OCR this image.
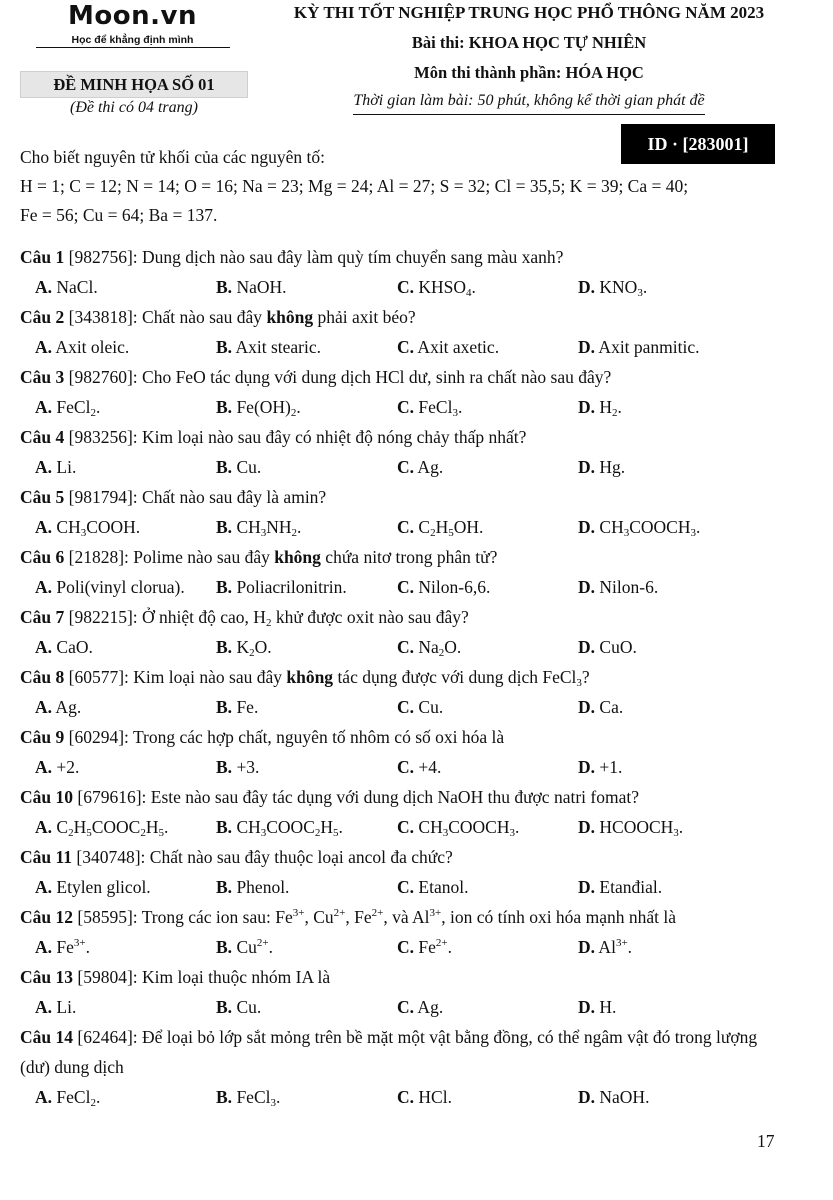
Moon.vn
Học để khẳng định mình
KỲ THI TỐT NGHIỆP TRUNG HỌC PHỔ THÔNG NĂM 2023
Bài thi: KHOA HỌC TỰ NHIÊN
Môn thi thành phần: HÓA HỌC
Thời gian làm bài: 50 phút, không kể thời gian phát đề
ĐỀ MINH HỌA SỐ 01
(Đề thi có 04 trang)
ID · [283001]
Cho biết nguyên tử khối của các nguyên tố:
H = 1; C = 12; N = 14; O = 16; Na = 23; Mg = 24; Al = 27; S = 32; Cl = 35,5; K = 39; Ca = 40;
Fe = 56; Cu = 64; Ba = 137.
Câu 1 [982756]: Dung dịch nào sau đây làm quỳ tím chuyển sang màu xanh?
A. NaCl.	B. NaOH.	C. $KHSO_4$.	D. $KNO_3$.
Câu 2 [343818]: Chất nào sau đây không phải axit béo?
A. Axit oleic.	B. Axit stearic.	C. Axit axetic.	D. Axit panmitic.
Câu 3 [982760]: Cho FeO tác dụng với dung dịch HCl dư, sinh ra chất nào sau đây?
A. FeCl$_2$.	B. $Fe(OH)_2$.	C. FeCl$_3$.	D. $H_2$.
Câu 4 [983256]: Kim loại nào sau đây có nhiệt độ nóng chảy thấp nhất?
A. Li.	B. Cu.	C. Ag.	D. Hg.
Câu 5 [981794]: Chất nào sau đây là amin?
A. $CH_3COOH$.	B. $CH_3NH_2$.	C. $C_2H_5OH$.	D. $CH_3COOCH_3$.
Câu 6 [21828]: Polime nào sau đây không chứa nitơ trong phân tử?
A. Poli(vinyl clorua).	B. Poliacrilonitrin.	C. Nilon-6,6.	D. Nilon-6.
Câu 7 [982215]: Ở nhiệt độ cao, $H_2$ khử được oxit nào sau đây?
A. CaO.	B. $K_2O$.	C. $Na_2O$.	D. CuO.
Câu 8 [60577]: Kim loại nào sau đây không tác dụng được với dung dịch FeCl$_3$?
A. Ag.	B. Fe.	C. Cu.	D. Ca.
Câu 9 [60294]: Trong các hợp chất, nguyên tố nhôm có số oxi hóa là
A. +2.	B. +3.	C. +4.	D. +1.
Câu 10 [679616]: Este nào sau đây tác dụng với dung dịch NaOH thu được natri fomat?
A. $C_2H_5COOC_2H_5$.	B. $CH_3COOC_2H_5$.	C. $CH_3COOCH_3$.	D. $HCOOCH_3$.
Câu 11 [340748]: Chất nào sau đây thuộc loại ancol đa chức?
A. Etylen glicol.	B. Phenol.	C. Etanol.	D. Etanđial.
Câu 12 [58595]: Trong các ion sau: $Fe^{3+}$, $Cu^{2+}$, $Fe^{2+}$, và $Al^{3+}$, ion có tính oxi hóa mạnh nhất là
A. $Fe^{3+}$.	B. $Cu^{2+}$.	C. $Fe^{2+}$.	D. $Al^{3+}$.
Câu 13 [59804]: Kim loại thuộc nhóm IA là
A. Li.	B. Cu.	C. Ag.	D. H.
Câu 14 [62464]: Để loại bỏ lớp sắt mỏng trên bề mặt một vật bằng đồng, có thể ngâm vật đó trong lượng (dư) dung dịch
A. FeCl$_2$.	B. FeCl$_3$.	C. HCl.	D. NaOH.
17
